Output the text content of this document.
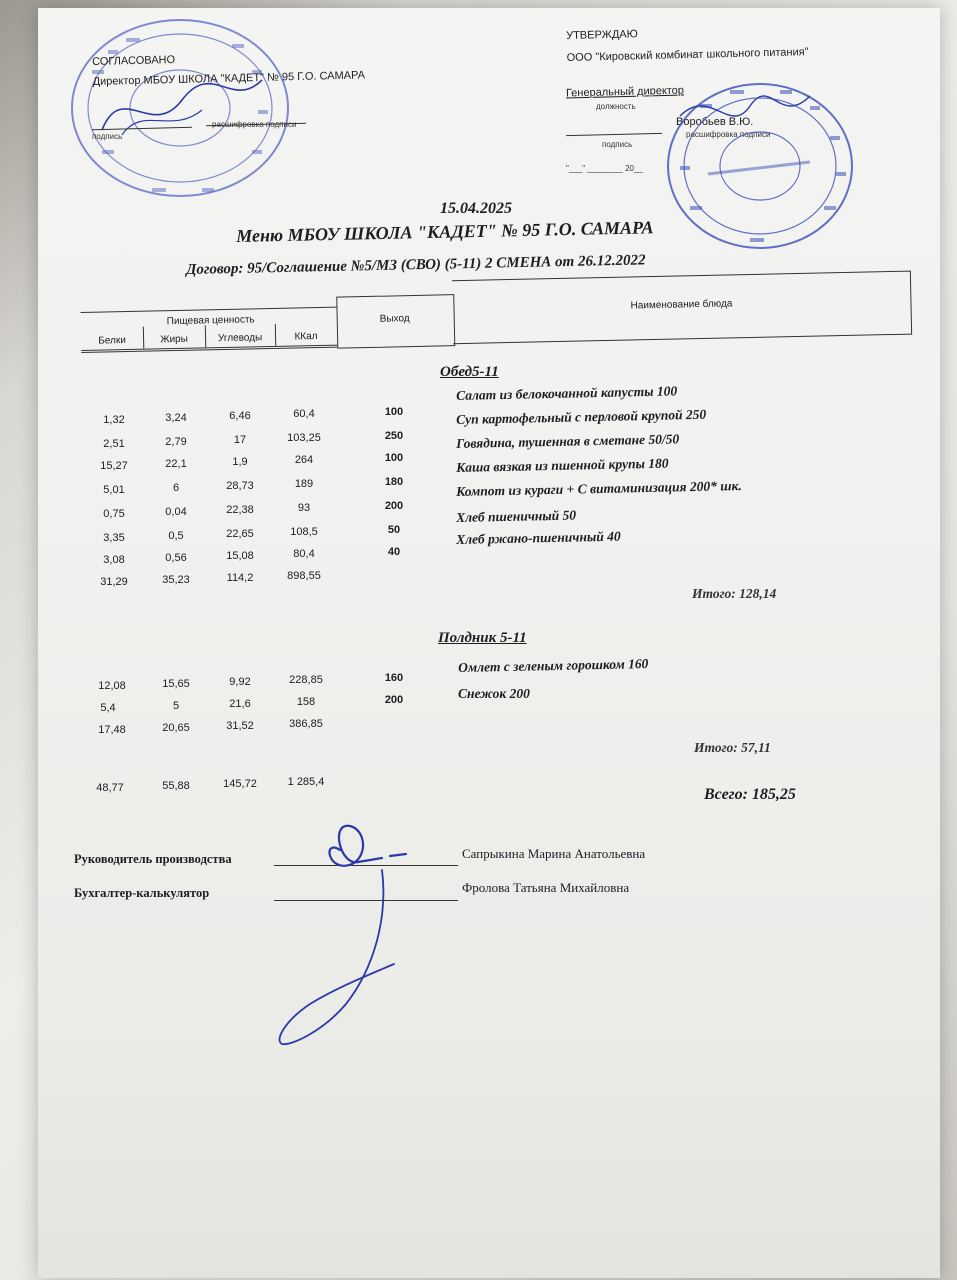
СОГЛАСОВАНО
Директор МБОУ ШКОЛА "КАДЕТ" № 95 Г.О. САМАРА
подпись
расшифровка подписи
УТВЕРЖДАЮ
ООО "Кировский комбинат школьного питания"
Генеральный директор
должность
Воробьев В.Ю.
расшифровка подписи
подпись
"___" ________ 20__
15.04.2025
Меню МБОУ ШКОЛА "КАДЕТ" № 95 Г.О. САМАРА
Договор: 95/Соглашение №5/МЗ (СВО) (5-11) 2 СМЕНА от 26.12.2022
Пищевая ценность
Белки	Жиры	Углеводы	ККал
Выход
Наименование блюда
Обед5-11
1,32	3,24	6,46	60,4	100
Салат из белокочанной капусты 100
2,51	2,79	17	103,25	250
Суп картофельный с перловой крупой 250
15,27	22,1	1,9	264	100
Говядина, тушенная в сметане 50/50
5,01	6	28,73	189	180
Каша вязкая из пшенной крупы 180
0,75	0,04	22,38	93	200
Компот из кураги + С витаминизация 200* шк.
3,35	0,5	22,65	108,5	50
Хлеб пшеничный 50
3,08	0,56	15,08	80,4	40
Хлеб ржано-пшеничный 40
31,29	35,23	114,2	898,55
Итого: 128,14
Полдник 5-11
12,08	15,65	9,92	228,85	160
Омлет с зеленым горошком 160
5,4	5	21,6	158	200	Снежок 200
17,48	20,65	31,52	386,85
Итого: 57,11
48,77	55,88	145,72	1 285,4
Всего: 185,25
Руководитель производства	Сапрыкина Марина Анатольевна
Бухгалтер-калькулятор	Фролова Татьяна Михайловна
